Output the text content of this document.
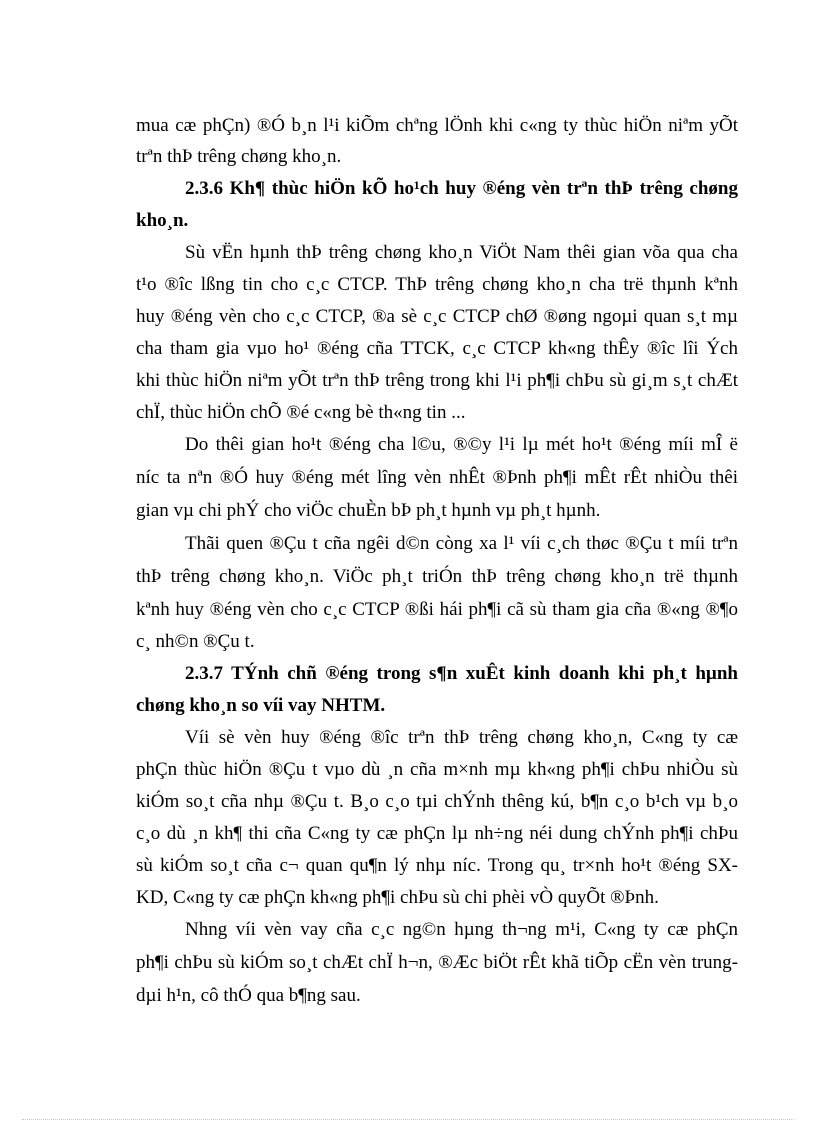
mua cæ phÇn) ®Ó b¸n l¹i kiÕm chªng lÖnh khi c«ng ty thùc hiÖn niªm yÕt
trªn thÞ trêng chøng kho¸n.
2.3.6 Kh¶ thùc hiÖn kÕ ho¹ch huy ®éng vèn trªn thÞ trêng chøng
kho¸n.
Sù vËn hµnh thÞ trêng chøng kho¸n ViÖt Nam thêi gian võa qua cha
t¹o ®îc lßng tin cho c¸c CTCP. ThÞ trêng chøng kho¸n cha trë thµnh kªnh
huy ®éng vèn cho c¸c CTCP, ®a sè c¸c CTCP chØ ®øng ngoµi quan s¸t mµ
cha tham gia vµo ho¹ ®éng cña TTCK, c¸c CTCP kh«ng thÊy ®îc lîi Ých
khi thùc hiÖn niªm yÕt trªn thÞ trêng trong khi l¹i ph¶i chÞu sù gi¸m s¸t chÆt
chÏ, thùc hiÖn chÕ ®é c«ng bè th«ng tin ...
Do thêi gian ho¹t ®éng cha l©u, ®©y l¹i lµ mét ho¹t ®éng míi mÎ ë
níc ta nªn ®Ó huy ®éng mét lîng vèn nhÊt ®Þnh ph¶i mÊt rÊt nhiÒu thêi
gian vµ chi phÝ cho viÖc chuÈn bÞ ph¸t hµnh vµ ph¸t hµnh.
Thãi quen ®Çu t cña ngêi d©n còng xa l¹ víi c¸ch thøc ®Çu t míi trªn
thÞ trêng chøng kho¸n. ViÖc ph¸t triÓn thÞ trêng chøng kho¸n trë thµnh
kªnh huy ®éng vèn cho c¸c CTCP ®ßi hái ph¶i cã sù tham gia cña ®«ng ®¶o
c¸ nh©n ®Çu t.
2.3.7 TÝnh chñ ®éng trong s¶n xuÊt kinh doanh khi ph¸t hµnh
chøng kho¸n so víi vay NHTM.
Víi sè vèn huy ®éng ®îc trªn thÞ trêng chøng kho¸n, C«ng ty cæ
phÇn thùc hiÖn ®Çu t vµo dù ¸n cña m×nh mµ kh«ng ph¶i chÞu nhiÒu sù
kiÓm so¸t cña nhµ ®Çu t. B¸o c¸o tµi chÝnh thêng kú, b¶n c¸o b¹ch vµ b¸o
c¸o dù ¸n kh¶ thi cña C«ng ty cæ phÇn lµ nh÷ng néi dung chÝnh ph¶i chÞu
sù kiÓm so¸t cña c¬ quan qu¶n lý nhµ níc. Trong qu¸ tr×nh ho¹t ®éng SX-
KD, C«ng ty cæ phÇn kh«ng ph¶i chÞu sù chi phèi vÒ quyÕt ®Þnh.
Nhng víi vèn vay cña c¸c ng©n hµng th¬ng m¹i, C«ng ty cæ phÇn
ph¶i chÞu sù kiÓm so¸t chÆt chÏ h¬n, ®Æc biÖt rÊt khã tiÕp cËn vèn trung-
dµi h¹n, cô thÓ qua b¶ng sau.
